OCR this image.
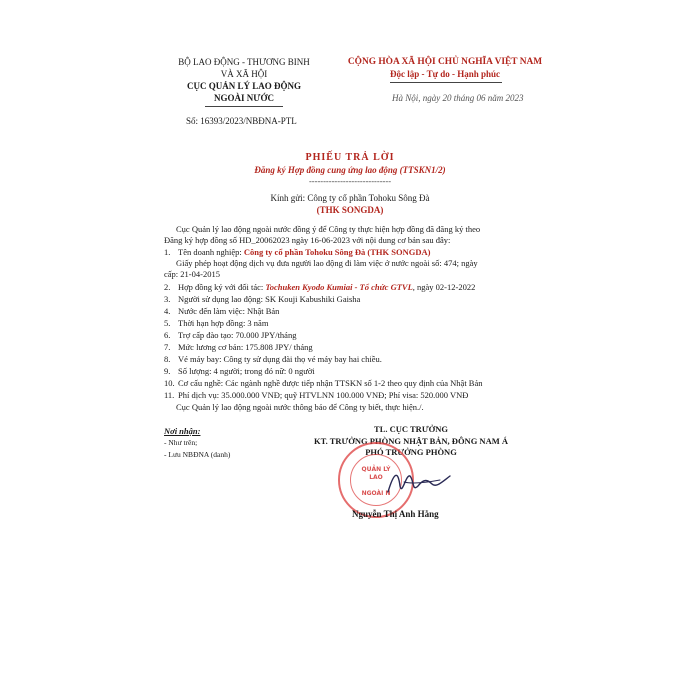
BỘ LAO ĐỘNG - THƯƠNG BINH
VÀ XÃ HỘI
CỤC QUẢN LÝ LAO ĐỘNG
NGOÀI NƯỚC
Số: 16393/2023/NBĐNA-PTL
CỘNG HÒA XÃ HỘI CHỦ NGHĨA VIỆT NAM
Độc lập - Tự do - Hạnh phúc
Hà Nội, ngày 20 tháng 06 năm 2023
PHIẾU TRẢ LỜI
Đăng ký Hợp đồng cung ứng lao động (TTSKN1/2)
-----------------------------
Kính gửi: Công ty cổ phần Tohoku Sông Đà
(THK SONGDA)
Cục Quản lý lao động ngoài nước đồng ý để Công ty thực hiện hợp đồng đã đăng ký theo
Đăng ký hợp đồng số HD_20062023 ngày 16-06-2023 với nội dung cơ bản sau đây:
1. Tên doanh nghiệp: Công ty cổ phần Tohoku Sông Đà (THK SONGDA)
Giấy phép hoạt động dịch vụ đưa người lao động đi làm việc ở nước ngoài số: 474; ngày
cấp: 21-04-2015
2. Hợp đồng ký với đối tác: Tochuken Kyodo Kumiai - Tổ chức GTVL, ngày 02-12-2022
3. Người sử dụng lao động: SK Kouji Kabushiki Gaisha
4. Nước đến làm việc: Nhật Bản
5. Thời hạn hợp đồng: 3 năm
6. Trợ cấp đào tạo: 70.000 JPY/tháng
7. Mức lương cơ bản: 175.808 JPY/ tháng
8. Vé máy bay: Công ty sử dụng đài thọ vé máy bay hai chiều.
9. Số lượng: 4 người; trong đó nữ: 0 người
10. Cơ cấu nghề: Các ngành nghề được tiếp nhận TTSKN số 1-2 theo quy định của Nhật Bản
11. Phí dịch vụ: 35.000.000 VNĐ; quỹ HTVLNN 100.000 VNĐ; Phí visa: 520.000 VNĐ
Cục Quản lý lao động ngoài nước thông báo để Công ty biết, thực hiện./.
Nơi nhận:
- Như trên;
- Lưu NBĐNA (danh)
TL. CỤC TRƯỞNG
KT. TRƯỞNG PHÒNG NHẬT BẢN, ĐÔNG NAM Á
PHÓ TRƯỞNG PHÒNG
QUẢN LÝ
LAO
NGOÀI N
Nguyễn Thị Anh Hằng
